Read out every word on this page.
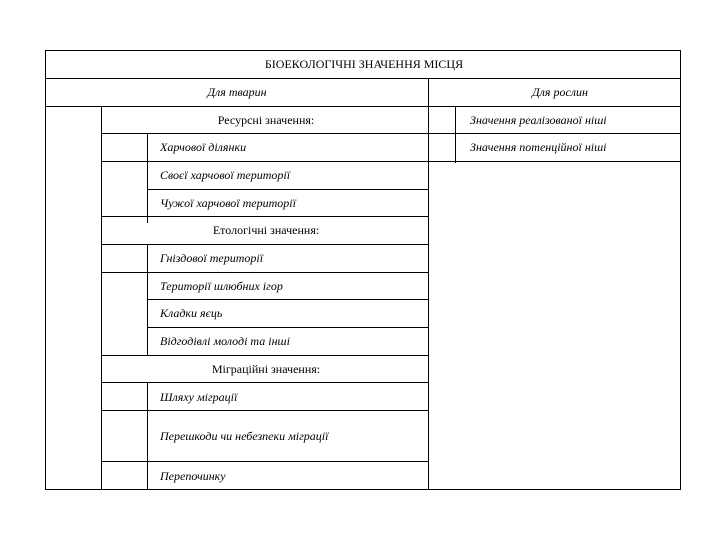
БІОЕКОЛОГІЧНІ ЗНАЧЕННЯ МІСЦЯ
Для тварин	Для рослин
Ресурсні значення:
Харчової ділянки
Своєї харчової території
Чужої харчової території
Етологічні значення:
Гніздової території
Території шлюбних ігор
Кладки яєць
Відгодівлі молоді та інші
Міграційні значення:
Шляху міграції
Перешкоди чи небезпеки міграції
Перепочинку
Значення реалізованої ніші
Значення потенційної ніші
